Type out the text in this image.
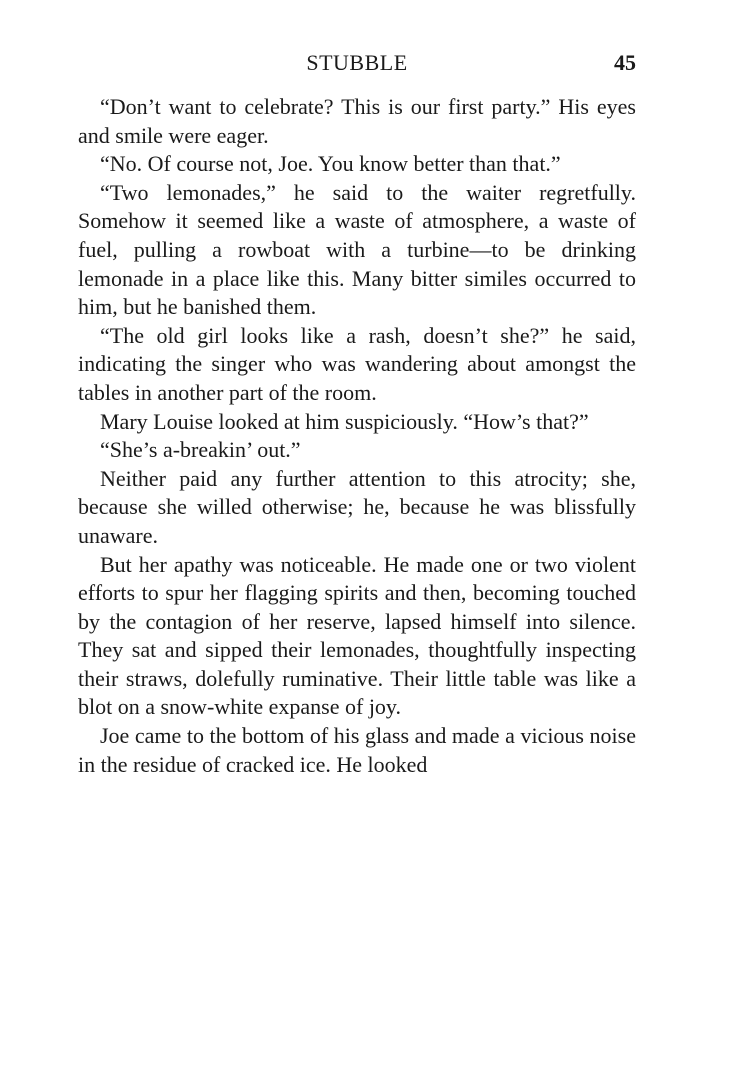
STUBBLE	45

“Don’t want to celebrate? This is our first party.” His eyes and smile were eager.

“No. Of course not, Joe. You know better than that.”

“Two lemonades,” he said to the waiter regretfully. Somehow it seemed like a waste of atmosphere, a waste of fuel, pulling a rowboat with a turbine—to be drinking lemonade in a place like this. Many bitter similes occurred to him, but he banished them.

“The old girl looks like a rash, doesn’t she?” he said, indicating the singer who was wandering about amongst the tables in another part of the room.

Mary Louise looked at him suspiciously. “How’s that?”

“She’s a-breakin’ out.”

Neither paid any further attention to this atrocity; she, because she willed otherwise; he, because he was blissfully unaware.

But her apathy was noticeable. He made one or two violent efforts to spur her flagging spirits and then, becoming touched by the contagion of her reserve, lapsed himself into silence. They sat and sipped their lemonades, thoughtfully inspecting their straws, dolefully ruminative. Their little table was like a blot on a snow-white expanse of joy.

Joe came to the bottom of his glass and made a vicious noise in the residue of cracked ice. He looked
